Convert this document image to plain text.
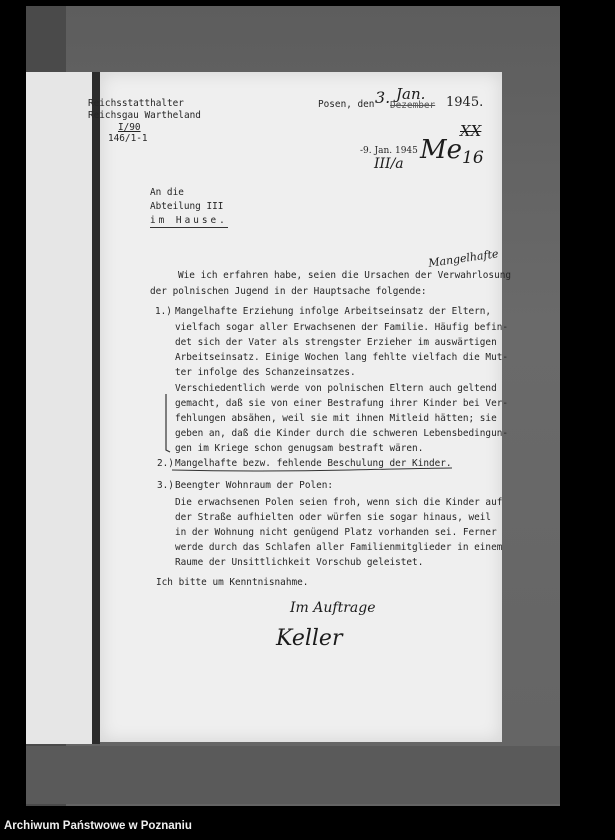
Reichsstatthalter
Reichsgau Wartheland
I/90
146/1-1
Posen, den 3. Jan.
Dezember 1945.
-9. Jan. 1945
III/a Me
XX
16
An die
Abteilung III
im Hause.
Mangelhafte
Wie ich erfahren habe, seien die Ursachen der Verwahrlosung
der polnischen Jugend in der Hauptsache folgende:
1.) Mangelhafte Erziehung infolge Arbeitseinsatz der Eltern,
vielfach sogar aller Erwachsenen der Familie. Häufig befin-
det sich der Vater als strengster Erzieher im auswärtigen
Arbeitseinsatz. Einige Wochen lang fehlte vielfach die Mut-
ter infolge des Schanzeinsatzes.
Verschiedentlich werde von polnischen Eltern auch geltend
gemacht, daß sie von einer Bestrafung ihrer Kinder bei Ver-
fehlungen absähen, weil sie mit ihnen Mitleid hätten; sie
geben an, daß die Kinder durch die schweren Lebensbedingun-
gen im Kriege schon genugsam bestraft wären.
2.) Mangelhafte bezw. fehlende Beschulung der Kinder.
3.) Beengter Wohnraum der Polen:
Die erwachsenen Polen seien froh, wenn sich die Kinder auf
der Straße aufhielten oder würfen sie sogar hinaus, weil
in der Wohnung nicht genügend Platz vorhanden sei. Ferner
werde durch das Schlafen aller Familienmitglieder in einem
Raume der Unsittlichkeit Vorschub geleistet.
Ich bitte um Kenntnisnahme.
Im Auftrage
Keller
Archiwum Państwowe w Poznaniu
